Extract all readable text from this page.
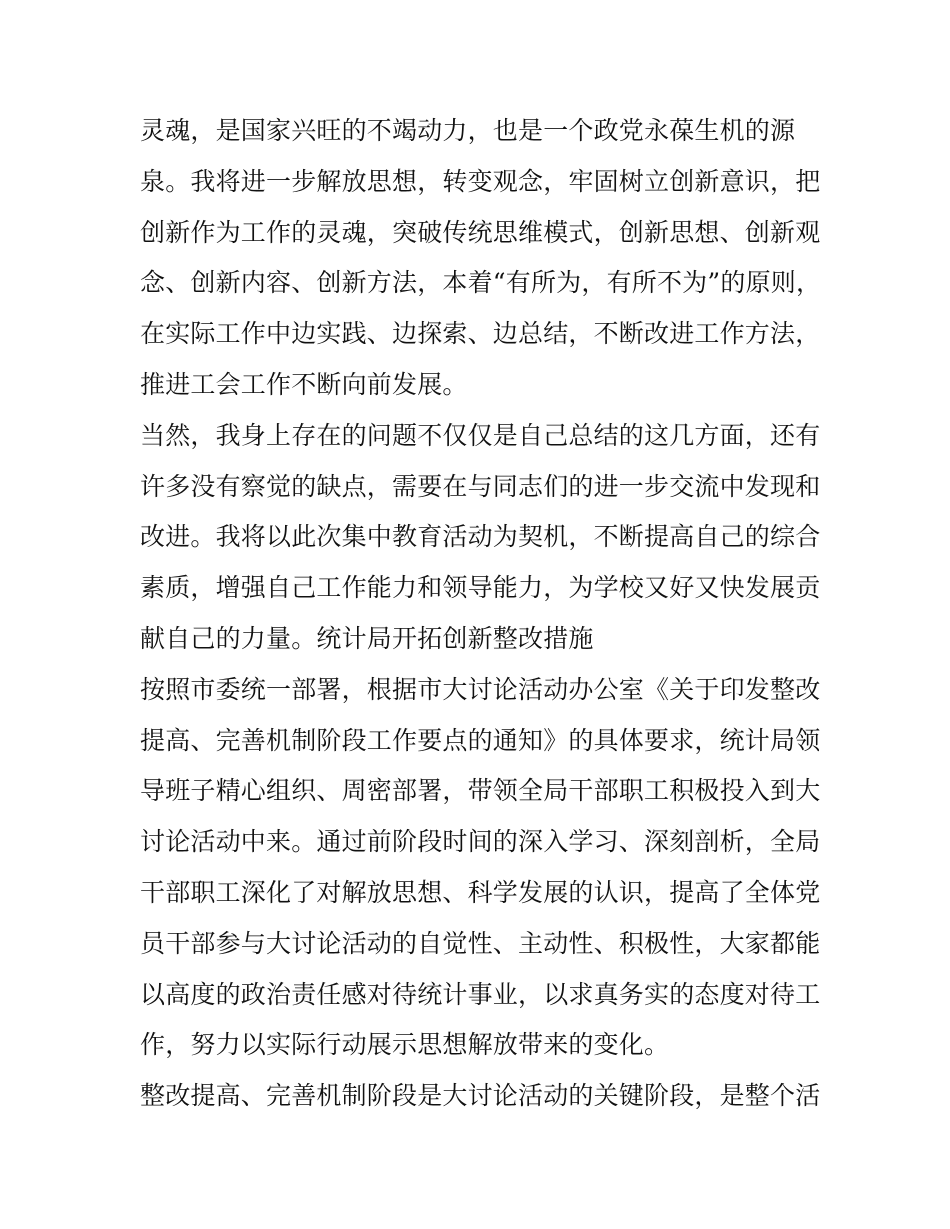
灵魂，是国家兴旺的不竭动力，也是一个政党永葆生机的源
泉。我将进一步解放思想，转变观念，牢固树立创新意识，把
创新作为工作的灵魂，突破传统思维模式，创新思想、创新观
念、创新内容、创新方法，本着“有所为，有所不为”的原则，
在实际工作中边实践、边探索、边总结，不断改进工作方法，
推进工会工作不断向前发展。
当然，我身上存在的问题不仅仅是自己总结的这几方面，还有
许多没有察觉的缺点，需要在与同志们的进一步交流中发现和
改进。我将以此次集中教育活动为契机，不断提高自己的综合
素质，增强自己工作能力和领导能力，为学校又好又快发展贡
献自己的力量。统计局开拓创新整改措施
按照市委统一部署，根据市大讨论活动办公室《关于印发整改
提高、完善机制阶段工作要点的通知》的具体要求，统计局领
导班子精心组织、周密部署，带领全局干部职工积极投入到大
讨论活动中来。通过前阶段时间的深入学习、深刻剖析，全局
干部职工深化了对解放思想、科学发展的认识，提高了全体党
员干部参与大讨论活动的自觉性、主动性、积极性，大家都能
以高度的政治责任感对待统计事业，以求真务实的态度对待工
作，努力以实际行动展示思想解放带来的变化。
整改提高、完善机制阶段是大讨论活动的关键阶段，是整个活
